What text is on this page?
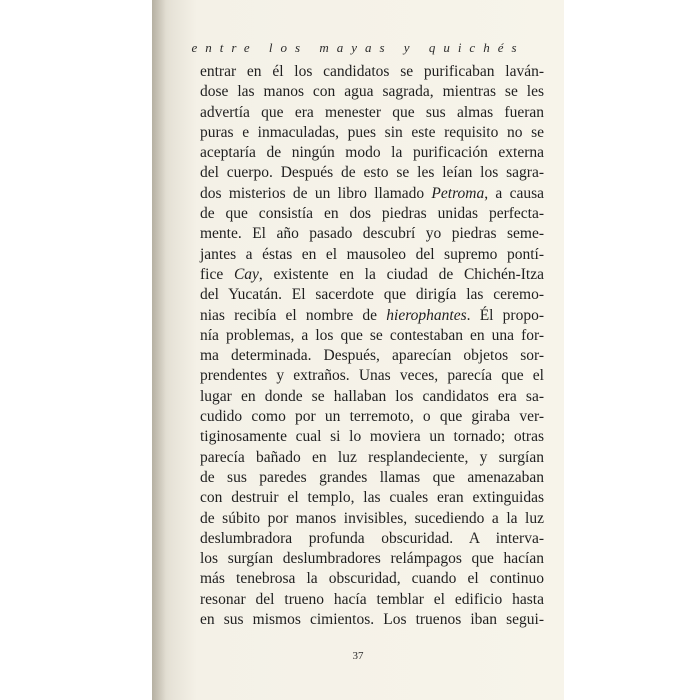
entre los mayas y quichés
entrar en él los candidatos se purificaban laván-
dose las manos con agua sagrada, mientras se les
advertía que era menester que sus almas fueran
puras e inmaculadas, pues sin este requisito no se
aceptaría de ningún modo la purificación externa
del cuerpo. Después de esto se les leían los sagra-
dos misterios de un libro llamado Petroma, a causa
de que consistía en dos piedras unidas perfecta-
mente. El año pasado descubrí yo piedras seme-
jantes a éstas en el mausoleo del supremo pontí-
fice Cay, existente en la ciudad de Chichén-Itza
del Yucatán. El sacerdote que dirigía las ceremo-
nias recibía el nombre de hierophantes. Él propo-
nía problemas, a los que se contestaban en una for-
ma determinada. Después, aparecían objetos sor-
prendentes y extraños. Unas veces, parecía que el
lugar en donde se hallaban los candidatos era sa-
cudido como por un terremoto, o que giraba ver-
tiginosamente cual si lo moviera un tornado; otras
parecía bañado en luz resplandeciente, y surgían
de sus paredes grandes llamas que amenazaban
con destruir el templo, las cuales eran extinguidas
de súbito por manos invisibles, sucediendo a la luz
deslumbradora profunda obscuridad. A interva-
los surgían deslumbradores relámpagos que hacían
más tenebrosa la obscuridad, cuando el continuo
resonar del trueno hacía temblar el edificio hasta
en sus mismos cimientos. Los truenos iban segui-
37
